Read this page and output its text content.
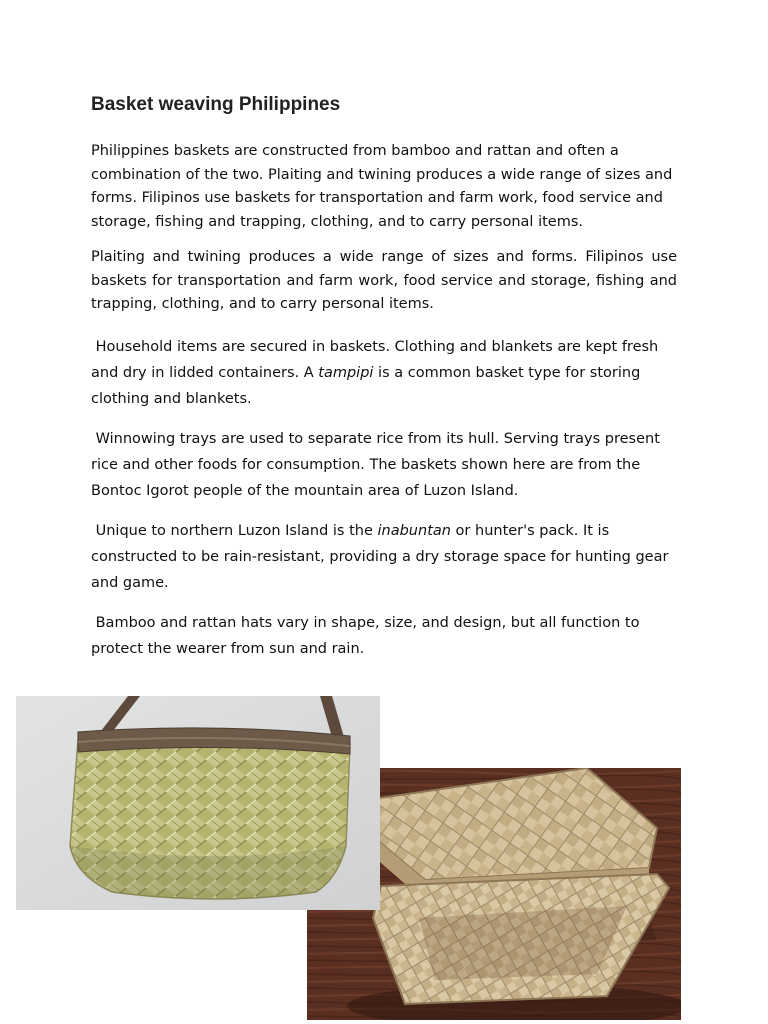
Basket weaving Philippines

Philippines baskets are constructed from bamboo and rattan and often a combination of the two. Plaiting and twining produces a wide range of sizes and forms. Filipinos use baskets for transportation and farm work, food service and storage, fishing and trapping, clothing, and to carry personal items.

Plaiting and twining produces a wide range of sizes and forms. Filipinos use baskets for transportation and farm work, food service and storage, fishing and trapping, clothing, and to carry personal items.

Household items are secured in baskets. Clothing and blankets are kept fresh and dry in lidded containers. A tampipi is a common basket type for storing clothing and blankets.

Winnowing trays are used to separate rice from its hull. Serving trays present rice and other foods for consumption. The baskets shown here are from the Bontoc Igorot people of the mountain area of Luzon Island.

Unique to northern Luzon Island is the inabuntan or hunter's pack. It is constructed to be rain-resistant, providing a dry storage space for hunting gear and game.

Bamboo and rattan hats vary in shape, size, and design, but all function to protect the wearer from sun and rain.
